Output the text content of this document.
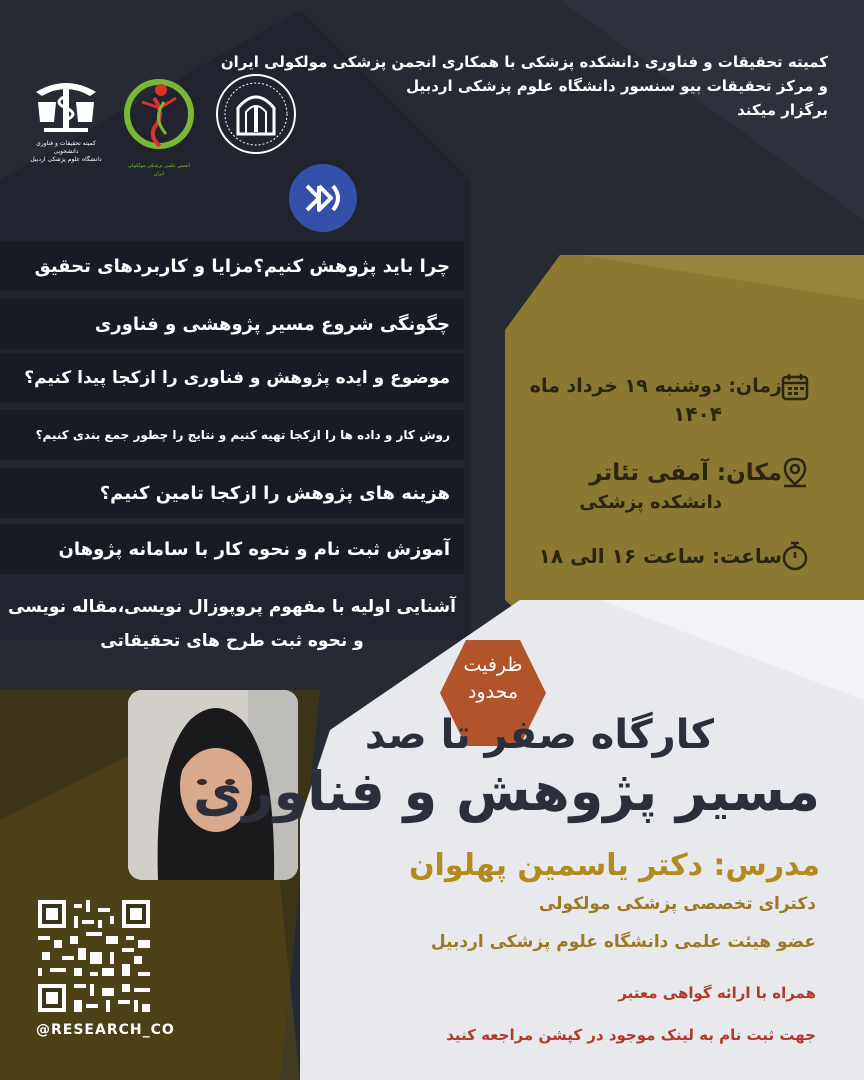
کمیته تحقیقات و فناوری دانشکده پزشکی با همکاری انجمن پزشکی مولکولی ایران
و مرکز تحقیقات بیو سنسور دانشگاه علوم پزشکی اردبیل
برگزار میکند
کمیته تحقیقات و فناوری دانشجویی
دانشگاه علوم پزشکی اردبیل
انجمن علمی پزشکی مولکولی ایران
چرا باید پژوهش کنیم؟مزایا و کاربردهای تحقیق
چگونگی شروع مسیر پژوهشی و فناوری
موضوع و ایده پژوهش و فناوری را ازکجا پیدا کنیم؟
روش کار و داده ها را ازکجا تهیه کنیم و نتایج را چطور جمع بندی کنیم؟
هزینه های پژوهش را ازکجا تامین کنیم؟
آموزش ثبت نام و نحوه کار با سامانه پژوهان
آشنایی اولیه با مفهوم پروپوزال نویسی،مقاله نویسی
و نحوه ثبت طرح های تحقیقاتی
زمان: دوشنبه ۱۹ خرداد ماه
۱۴۰۴
مکان: آمفی تئاتر
دانشکده پزشکی
ساعت: ساعت ۱۶ الی ۱۸
ظرفیت
محدود
کارگاه صفر تا صد
مسیر پژوهش و فناوری
مدرس: دکتر یاسمین پهلوان
دکترای تخصصی پزشکی مولکولی
عضو هیئت علمی دانشگاه علوم پزشکی اردبیل
همراه با ارائه گواهی معتبر
جهت ثبت نام به لینک موجود در کپشن مراجعه کنید
@RESEARCH_CO
